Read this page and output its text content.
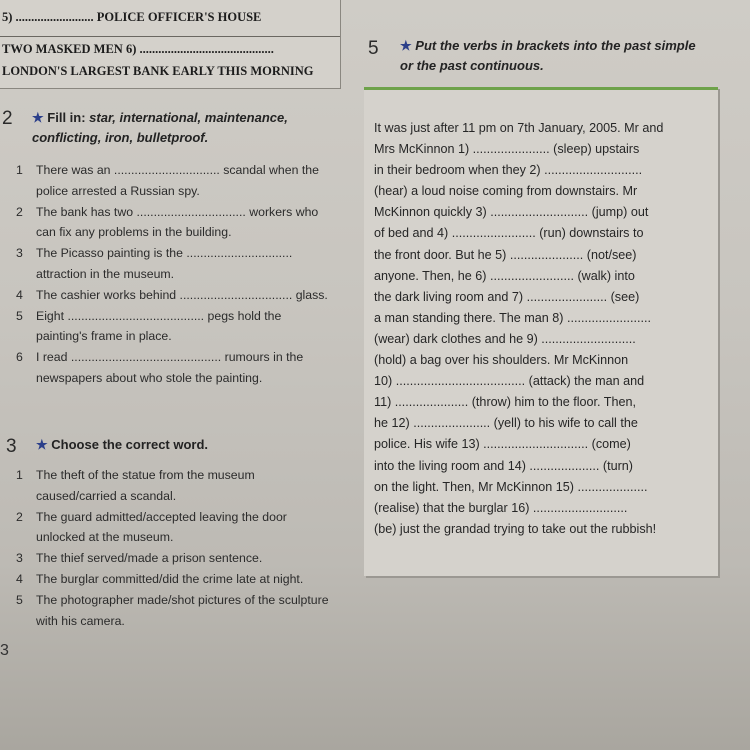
5) ......................... POLICE OFFICER'S HOUSE
TWO MASKED MEN 6) ...........................................
LONDON'S LARGEST BANK EARLY THIS MORNING
2 ★ Fill in: star, international, maintenance, conflicting, iron, bulletproof.
1	There was an ............................... scandal when the police arrested a Russian spy.
2	The bank has two ................................ workers who can fix any problems in the building.
3	The Picasso painting is the ............................... attraction in the museum.
4	The cashier works behind ................................. glass.
5	Eight ........................................ pegs hold the painting's frame in place.
6	I read ............................................ rumours in the newspapers about who stole the painting.
3 ★ Choose the correct word.
1	The theft of the statue from the museum caused/carried a scandal.
2	The guard admitted/accepted leaving the door unlocked at the museum.
3	The thief served/made a prison sentence.
4	The burglar committed/did the crime late at night.
5	The photographer made/shot pictures of the sculpture with his camera.
3
5 ★ Put the verbs in brackets into the past simple or the past continuous.
It was just after 11 pm on 7th January, 2005. Mr and
Mrs McKinnon 1) ...................... (sleep) upstairs
in their bedroom when they 2) ............................
(hear) a loud noise coming from downstairs. Mr
McKinnon quickly 3) ............................ (jump) out
of bed and 4) ........................ (run) downstairs to
the front door. But he 5) ..................... (not/see)
anyone. Then, he 6) ........................ (walk) into
the dark living room and 7) ....................... (see)
a man standing there. The man 8) ........................
(wear) dark clothes and he 9) ...........................
(hold) a bag over his shoulders. Mr McKinnon
10) ..................................... (attack) the man and
11) ..................... (throw) him to the floor. Then,
he 12) ...................... (yell) to his wife to call the
police. His wife 13) .............................. (come)
into the living room and 14) .................... (turn)
on the light. Then, Mr McKinnon 15) ....................
(realise) that the burglar 16) ...........................
(be) just the grandad trying to take out the rubbish!
